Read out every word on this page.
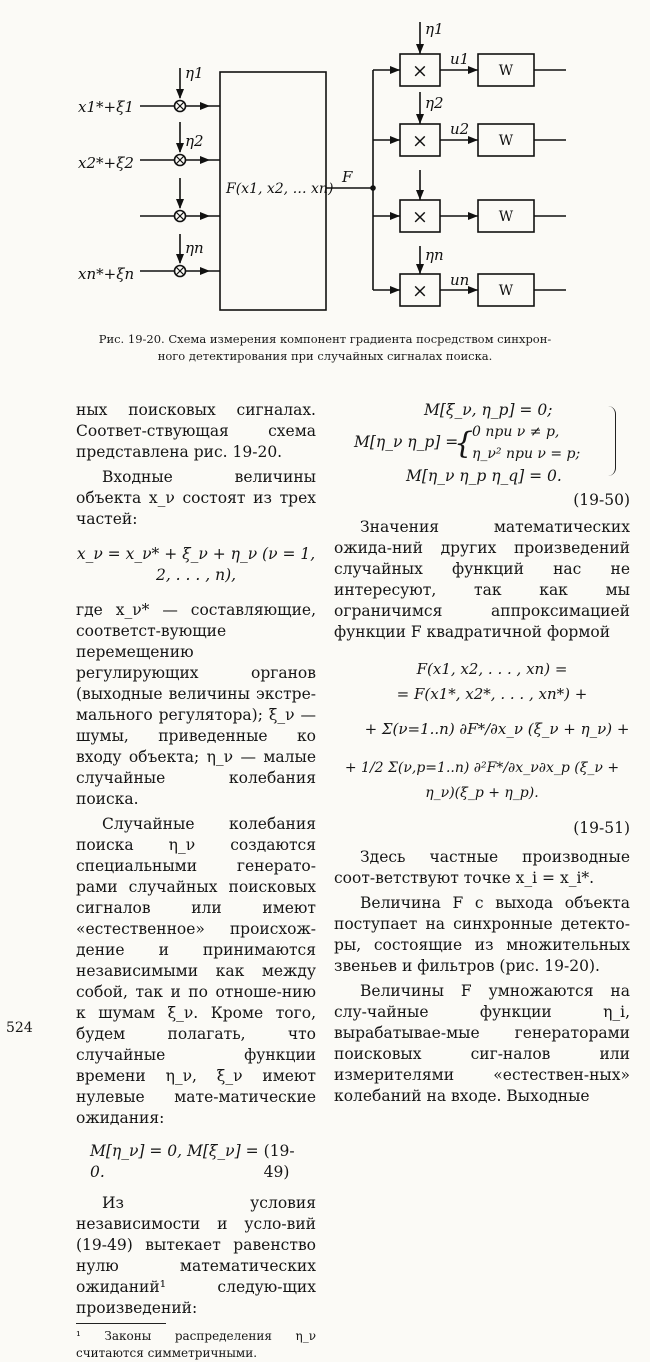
x1*+ξ1
x2*+ξ2
xn*+ξn
η1
η2
ηn
F(x1, x2, … xn)
F
η1
η2
ηn
u1
u2
un
×
×
×
×
W
W
W
W
Рис. 19-20. Схема измерения компонент градиента посредством синхрон-
ного детектирования при случайных сигналах поиска.

ных поисковых сигналах. Соответ-ствующая схема представлена рис. 19-20.

Входные величины объекта x_ν состоят из трех частей:

x_ν = x_ν* + ξ_ν + η_ν (ν = 1, 2, . . . , n),

где x_ν* — составляющие, соответст-вующие перемещению регулирующих органов (выходные величины экстре-мального регулятора); ξ_ν — шумы, приведенные ко входу объекта; η_ν — малые случайные колебания поиска.

Случайные колебания поиска η_ν создаются специальными генерато-рами случайных поисковых сигналов или имеют «естественное» происхож-дение и принимаются независимыми как между собой, так и по отноше-нию к шумам ξ_ν. Кроме того, будем полагать, что случайные функции времени η_ν, ξ_ν имеют нулевые мате-матические ожидания:

M[η_ν] = 0, M[ξ_ν] = 0.
(19-49)

Из условия независимости и усло-вий (19-49) вытекает равенство нулю математических ожиданий¹ следую-щих произведений:

¹ Законы распределения η_ν считаются симметричными.

524
M[ξ_ν, η_p] = 0;
M[η_ν η_p] =
{
0 при ν ≠ p,
η_ν² при ν = p;
M[η_ν η_p η_q] = 0.
(19-50)

Значения математических ожида-ний других произведений случайных функций нас не интересуют, так как мы ограничимся аппроксимацией функции F квадратичной формой

F(x1, x2, . . . , xn) =
= F(x1*, x2*, . . . , xn*) +
+ Σ(ν=1..n) ∂F*/∂x_ν (ξ_ν + η_ν) +
+ 1/2 Σ(ν,p=1..n) ∂²F*/∂x_ν∂x_p (ξ_ν + η_ν)(ξ_p + η_p).
(19-51)

Здесь частные производные соот-ветствуют точке x_i = x_i*.

Величина F с выхода объекта поступает на синхронные детекто-ры, состоящие из множительных звеньев и фильтров (рис. 19-20).

Величины F умножаются на слу-чайные функции η_i, вырабатывае-мые генераторами поисковых сиг-налов или измерителями «естествен-ных» колебаний на входе. Выходные
